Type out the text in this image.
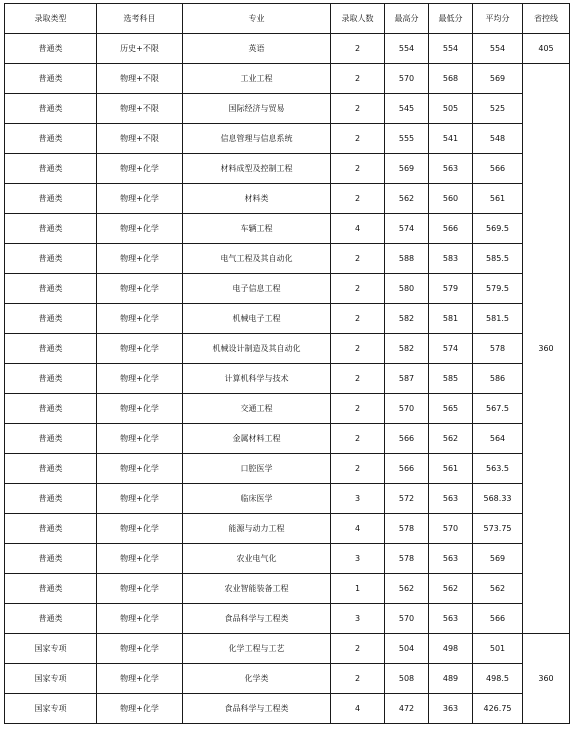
录取类型	选考科目	专业	录取人数	最高分	最低分	平均分	省控线
普通类	历史+不限	英语	2	554	554	554	405
普通类	物理+不限	工业工程	2	570	568	569	360
普通类	物理+不限	国际经济与贸易	2	545	505	525	
普通类	物理+不限	信息管理与信息系统	2	555	541	548	
普通类	物理+化学	材料成型及控制工程	2	569	563	566	
普通类	物理+化学	材料类	2	562	560	561	
普通类	物理+化学	车辆工程	4	574	566	569.5	
普通类	物理+化学	电气工程及其自动化	2	588	583	585.5	
普通类	物理+化学	电子信息工程	2	580	579	579.5	
普通类	物理+化学	机械电子工程	2	582	581	581.5	
普通类	物理+化学	机械设计制造及其自动化	2	582	574	578	
普通类	物理+化学	计算机科学与技术	2	587	585	586	
普通类	物理+化学	交通工程	2	570	565	567.5	
普通类	物理+化学	金属材料工程	2	566	562	564	
普通类	物理+化学	口腔医学	2	566	561	563.5	
普通类	物理+化学	临床医学	3	572	563	568.33	
普通类	物理+化学	能源与动力工程	4	578	570	573.75	
普通类	物理+化学	农业电气化	3	578	563	569	
普通类	物理+化学	农业智能装备工程	1	562	562	562	
普通类	物理+化学	食品科学与工程类	3	570	563	566	
国家专项	物理+化学	化学工程与工艺	2	504	498	501	360
国家专项	物理+化学	化学类	2	508	489	498.5	
国家专项	物理+化学	食品科学与工程类	4	472	363	426.75	
